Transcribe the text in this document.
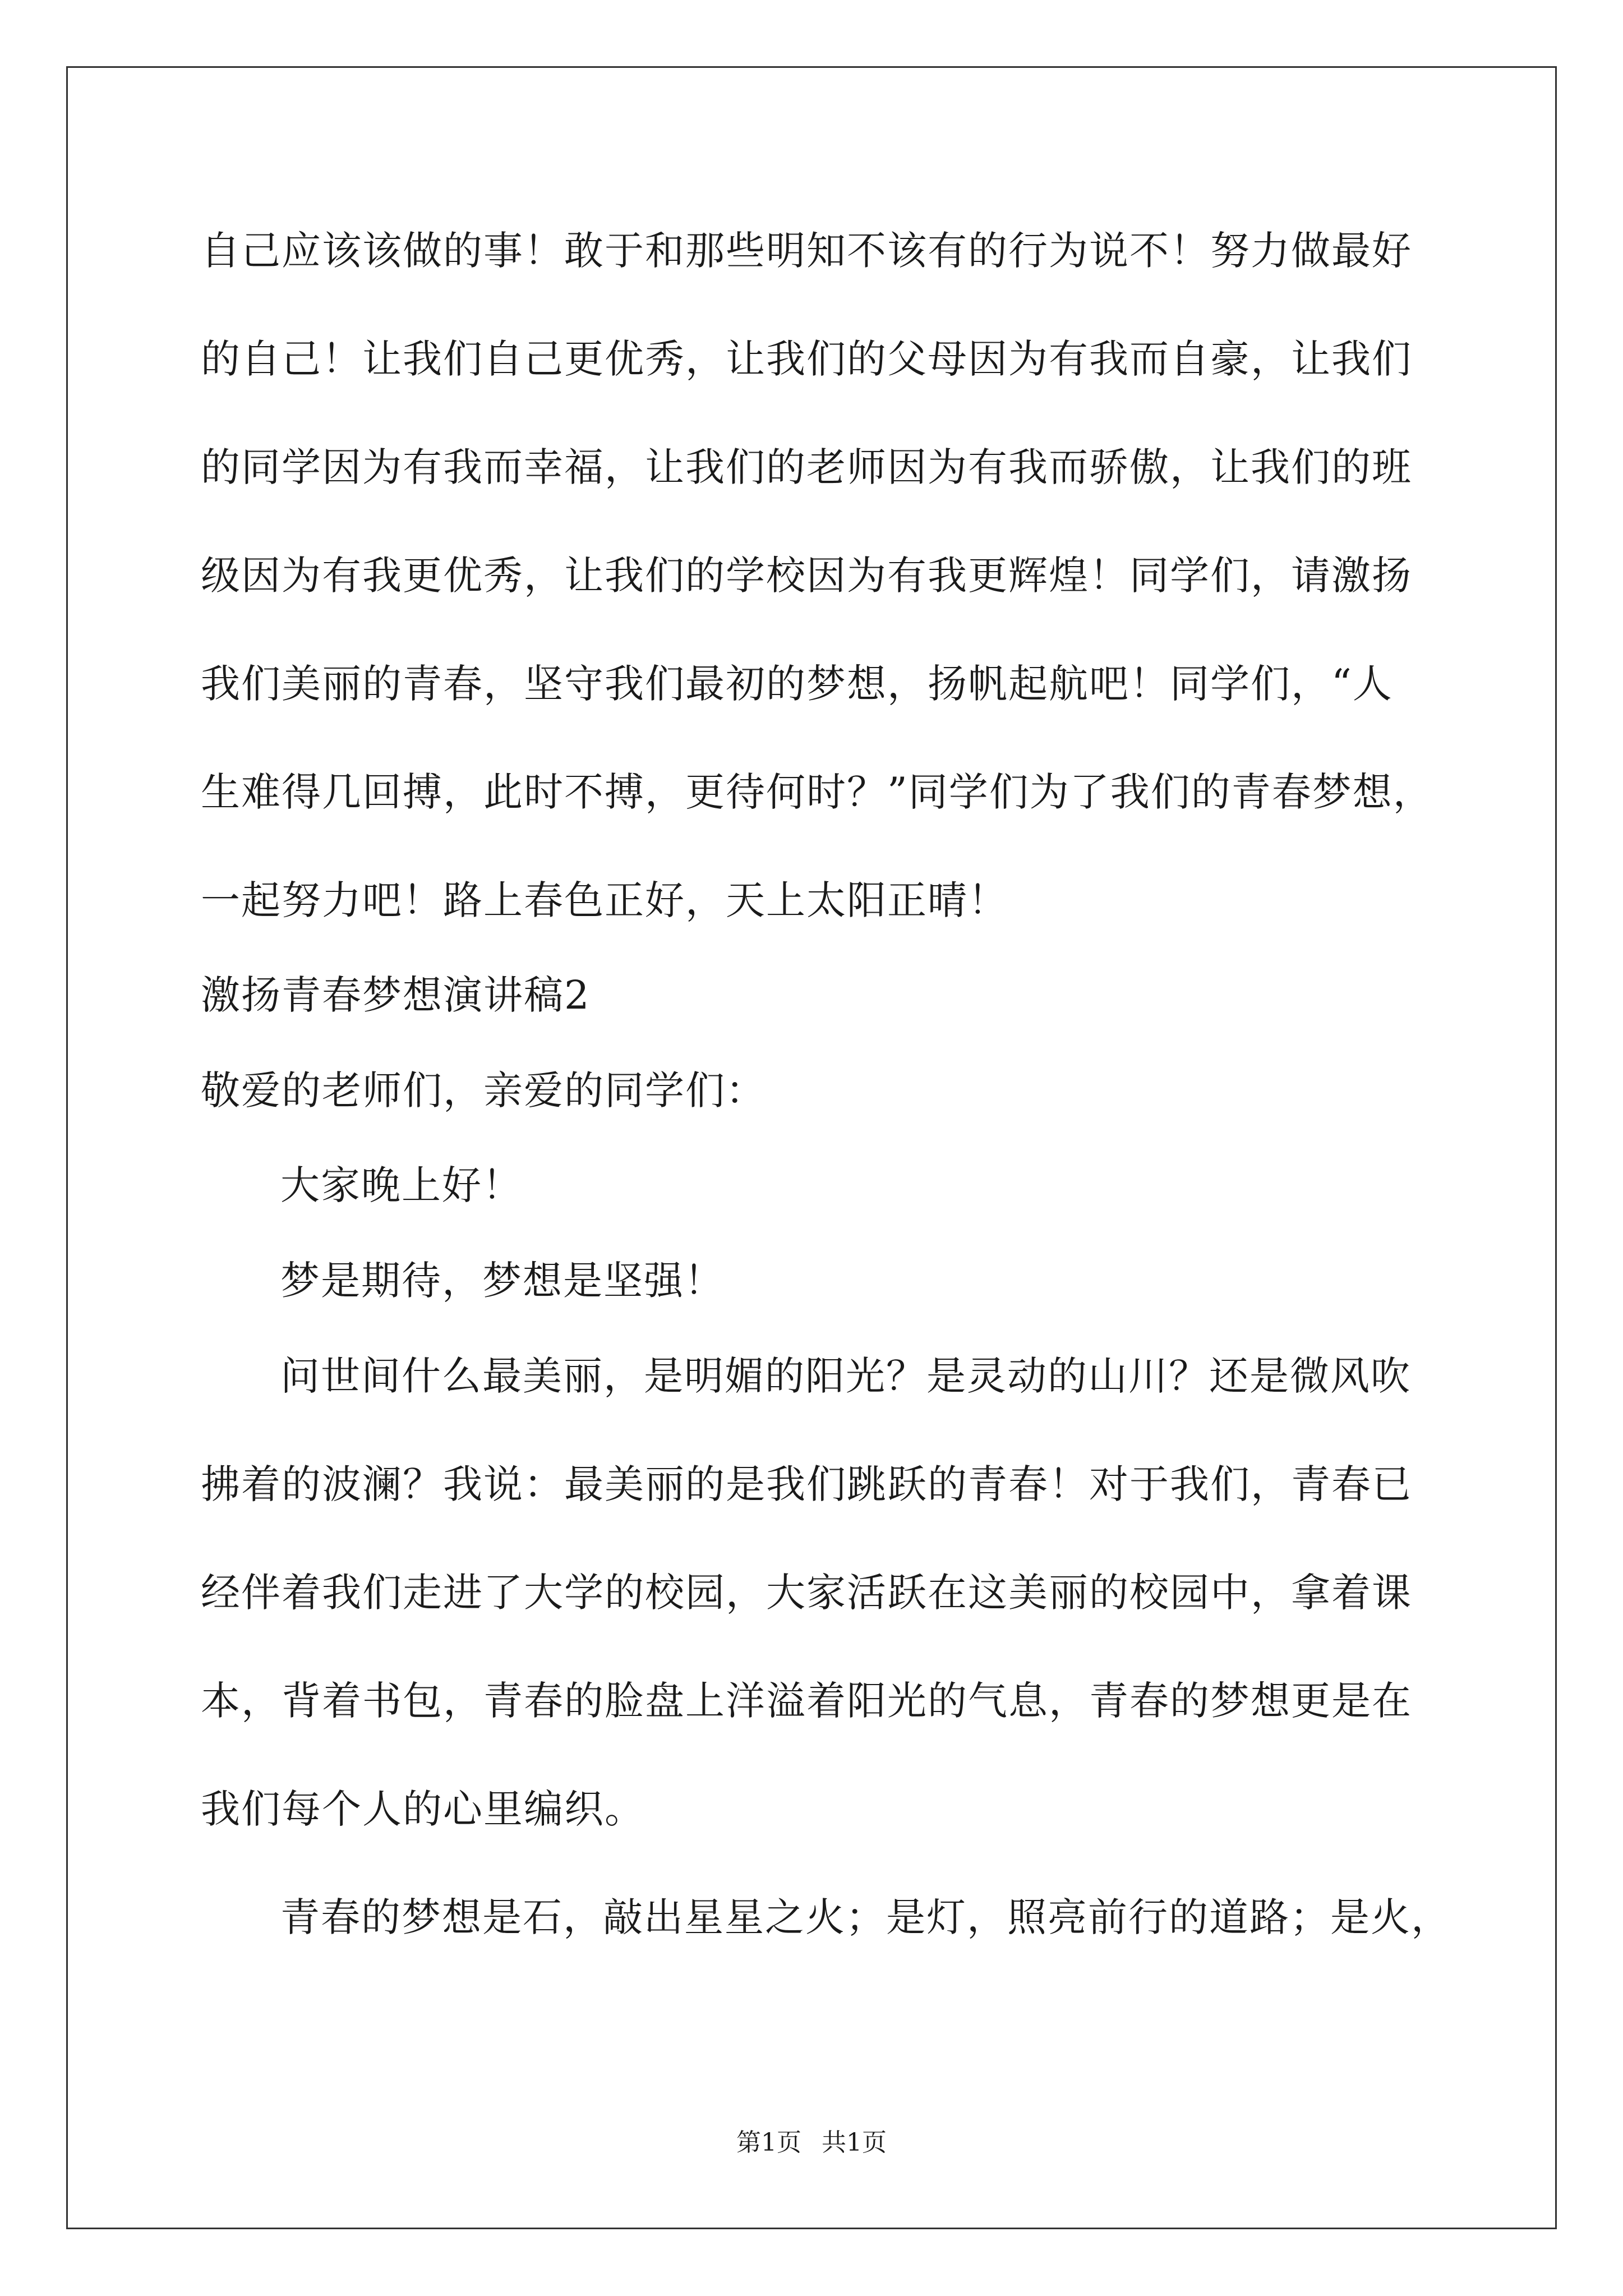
自己应该该做的事！敢于和那些明知不该有的行为说不！努力做最好
的自己！让我们自己更优秀，让我们的父母因为有我而自豪，让我们
的同学因为有我而幸福，让我们的老师因为有我而骄傲，让我们的班
级因为有我更优秀，让我们的学校因为有我更辉煌！同学们，请激扬
我们美丽的青春，坚守我们最初的梦想，扬帆起航吧！同学们，“人
生难得几回搏，此时不搏，更待何时？”同学们为了我们的青春梦想，
一起努力吧！路上春色正好，天上太阳正晴！
激扬青春梦想演讲稿2
敬爱的老师们，亲爱的同学们：
大家晚上好！
梦是期待，梦想是坚强！
问世间什么最美丽，是明媚的阳光？是灵动的山川？还是微风吹
拂着的波澜？我说：最美丽的是我们跳跃的青春！对于我们，青春已
经伴着我们走进了大学的校园，大家活跃在这美丽的校园中，拿着课
本，背着书包，青春的脸盘上洋溢着阳光的气息，青春的梦想更是在
我们每个人的心里编织。
青春的梦想是石，敲出星星之火；是灯，照亮前行的道路；是火，
第1页 共1页
